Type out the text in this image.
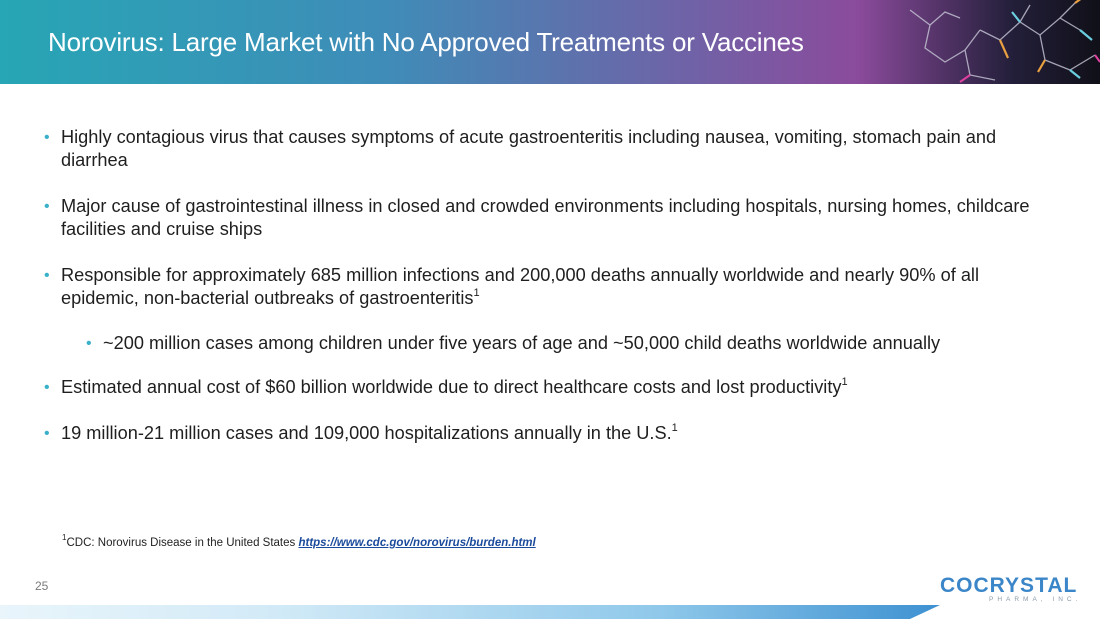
Norovirus: Large Market with No Approved Treatments or Vaccines
• Highly contagious virus that causes symptoms of acute gastroenteritis including nausea, vomiting, stomach pain and diarrhea
• Major cause of gastrointestinal illness in closed and crowded environments including hospitals, nursing homes, childcare facilities and cruise ships
• Responsible for approximately 685 million infections and 200,000 deaths annually worldwide and nearly 90% of all epidemic, non-bacterial outbreaks of gastroenteritis$^1$
• ~200 million cases among children under five years of age and ~50,000 child deaths worldwide annually
• Estimated annual cost of $60 billion worldwide due to direct healthcare costs and lost productivity$^1$
• 19 million-21 million cases and 109,000 hospitalizations annually in the U.S.$^1$
$^1$CDC: Norovirus Disease in the United States https://www.cdc.gov/norovirus/burden.html
25	COCRYSTAL
PHARMA, INC.
